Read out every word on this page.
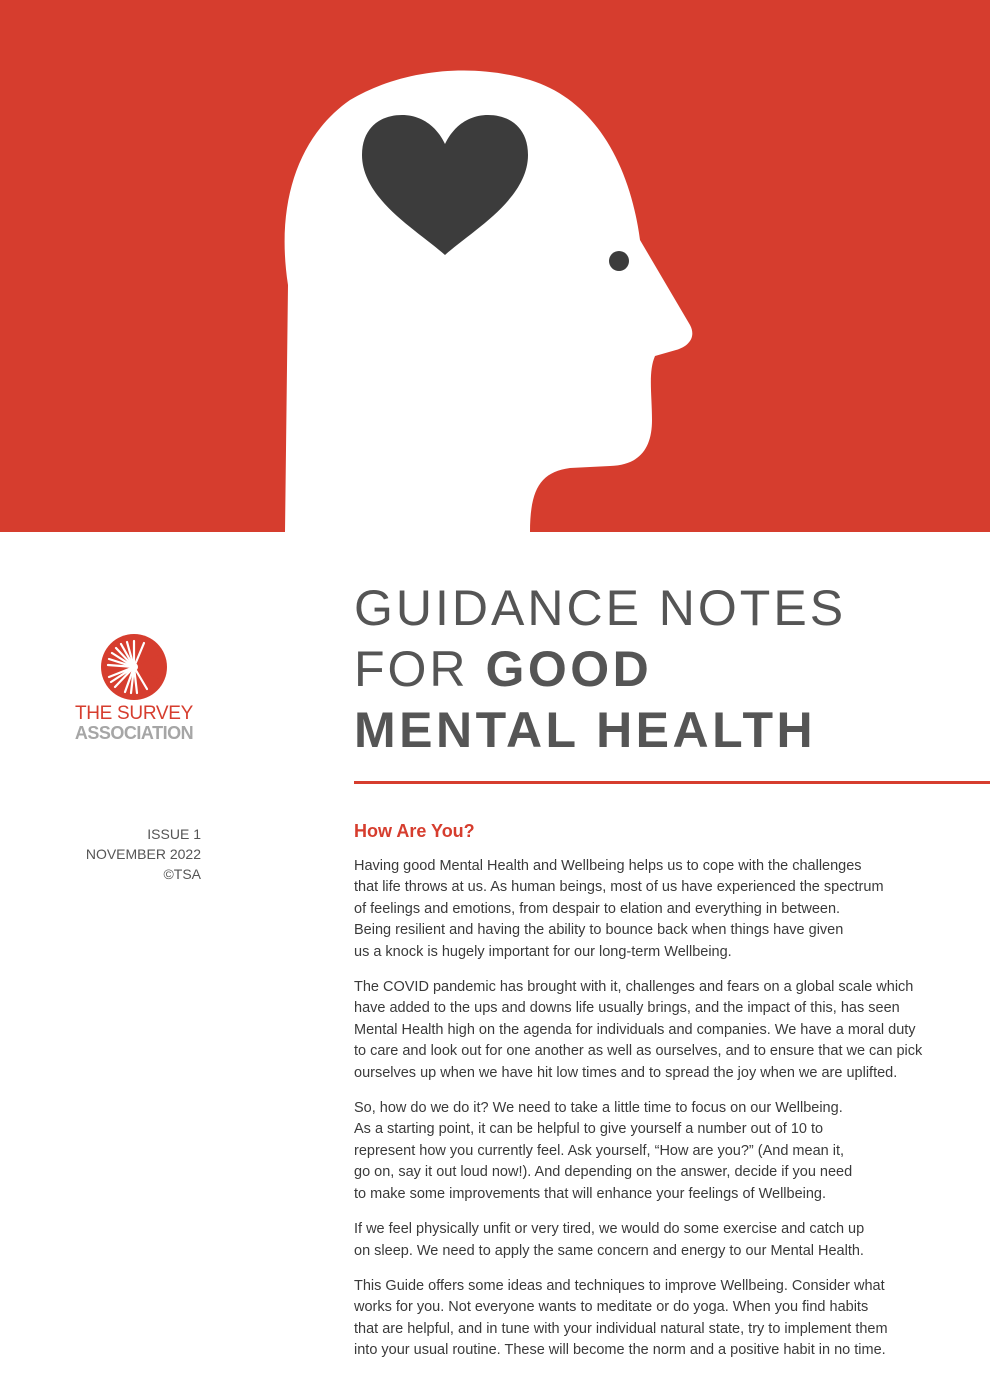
THE SURVEY
ASSOCIATION
ISSUE 1
NOVEMBER 2022
©TSA
GUIDANCE NOTES
FOR GOOD
MENTAL HEALTH
How Are You?
Having good Mental Health and Wellbeing helps us to cope with the challenges
that life throws at us. As human beings, most of us have experienced the spectrum
of feelings and emotions, from despair to elation and everything in between.
Being resilient and having the ability to bounce back when things have given
us a knock is hugely important for our long-term Wellbeing.
The COVID pandemic has brought with it, challenges and fears on a global scale which
have added to the ups and downs life usually brings, and the impact of this, has seen
Mental Health high on the agenda for individuals and companies. We have a moral duty
to care and look out for one another as well as ourselves, and to ensure that we can pick
ourselves up when we have hit low times and to spread the joy when we are uplifted.
So, how do we do it? We need to take a little time to focus on our Wellbeing.
As a starting point, it can be helpful to give yourself a number out of 10 to
represent how you currently feel. Ask yourself, “How are you?” (And mean it,
go on, say it out loud now!). And depending on the answer, decide if you need
to make some improvements that will enhance your feelings of Wellbeing.
If we feel physically unfit or very tired, we would do some exercise and catch up
on sleep. We need to apply the same concern and energy to our Mental Health.
This Guide offers some ideas and techniques to improve Wellbeing. Consider what
works for you. Not everyone wants to meditate or do yoga. When you find habits
that are helpful, and in tune with your individual natural state, try to implement them
into your usual routine. These will become the norm and a positive habit in no time.
